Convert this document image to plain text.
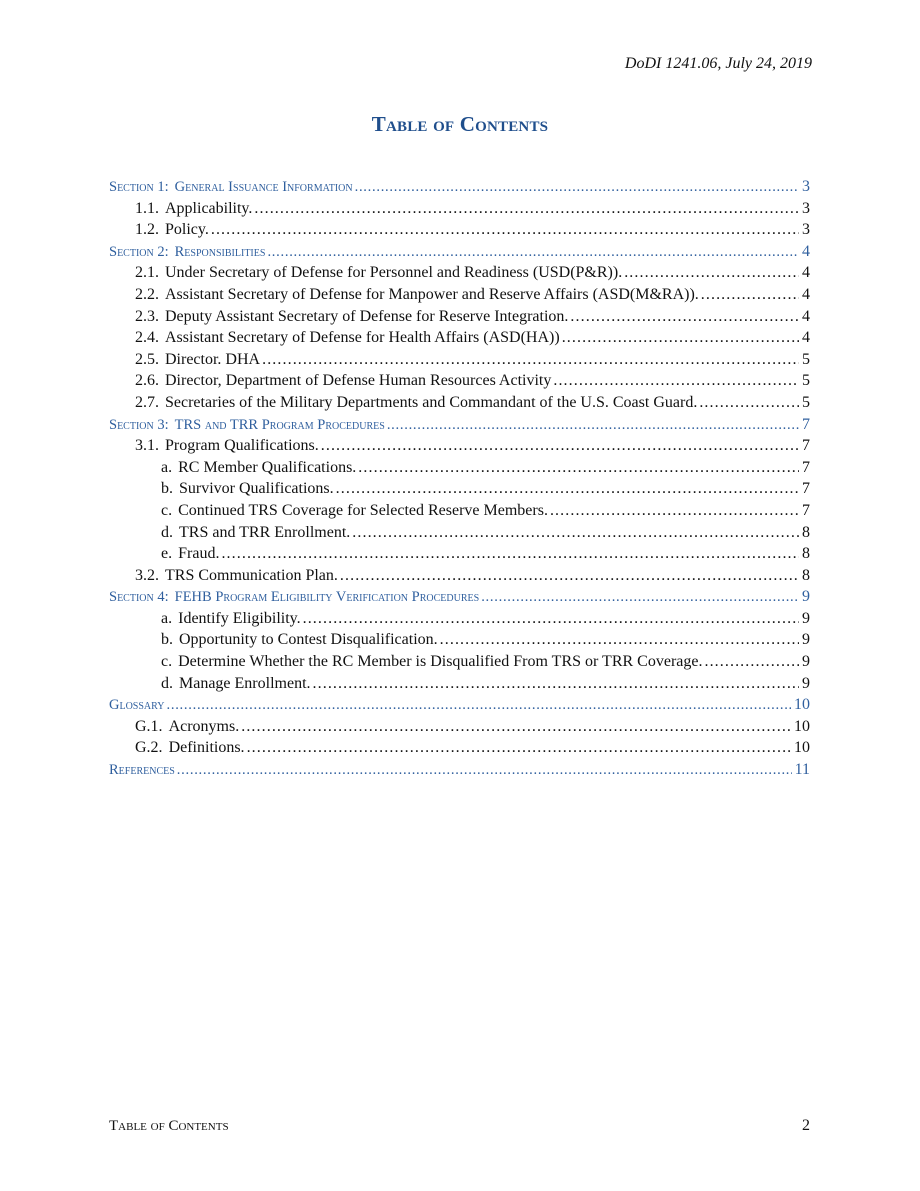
DoDI 1241.06, July 24, 2019
Table of Contents
Section 1: General Issuance Information . . .	3
1.1. Applicability. . . .	3
1.2. Policy. . . .	3
Section 2: Responsibilities . . .	4
2.1. Under Secretary of Defense for Personnel and Readiness (USD(P&R)). . . .	4
2.2. Assistant Secretary of Defense for Manpower and Reserve Affairs (ASD(M&RA)). . . .	4
2.3. Deputy Assistant Secretary of Defense for Reserve Integration. . . .	4
2.4. Assistant Secretary of Defense for Health Affairs (ASD(HA)) . . .	4
2.5. Director. DHA . . .	5
2.6. Director, Department of Defense Human Resources Activity . . .	5
2.7. Secretaries of the Military Departments and Commandant of the U.S. Coast Guard. . . .	5
Section 3: TRS and TRR Program Procedures . . .	7
3.1. Program Qualifications. . . .	7
a. RC Member Qualifications. . . .	7
b. Survivor Qualifications. . . .	7
c. Continued TRS Coverage for Selected Reserve Members. . . .	7
d. TRS and TRR Enrollment. . . .	8
e. Fraud. . . .	8
3.2. TRS Communication Plan. . . .	8
Section 4: FEHB Program Eligibility Verification Procedures . . .	9
a. Identify Eligibility. . . .	9
b. Opportunity to Contest Disqualification. . . .	9
c. Determine Whether the RC Member is Disqualified From TRS or TRR Coverage. . . .	9
d. Manage Enrollment. . . .	9
Glossary . . .	10
G.1. Acronyms. . . .	10
G.2. Definitions. . . .	10
References . . .	11
Table of Contents	2
